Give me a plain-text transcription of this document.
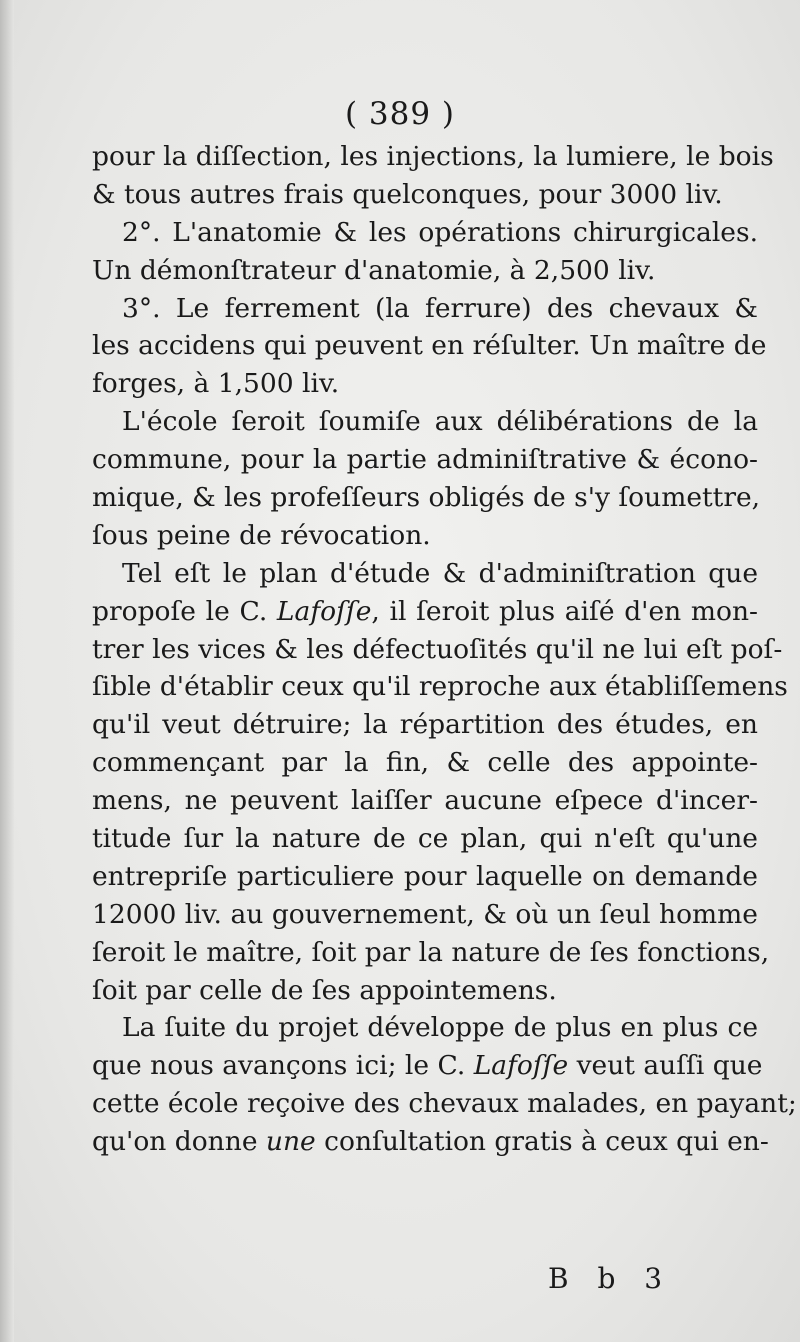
( 389 )
pour la diſſection, les injections, la lumiere, le bois
& tous autres frais quelconques, pour 3000 liv.
2°. L'anatomie & les opérations chirurgicales.
Un démonſtrateur d'anatomie, à 2,500 liv.
3°. Le ferrement (la ferrure) des chevaux &
les accidens qui peuvent en réſulter. Un maître de
forges, à 1,500 liv.
L'école ſeroit ſoumiſe aux délibérations de la
commune, pour la partie adminiſtrative & écono-
mique, & les profeſſeurs obligés de s'y ſoumettre,
ſous peine de révocation.
Tel eſt le plan d'étude & d'adminiſtration que
propoſe le C. Lafoſſe, il ſeroit plus aiſé d'en mon-
trer les vices & les défectuoſités qu'il ne lui eſt poſ-
ſible d'établir ceux qu'il reproche aux établiſſemens
qu'il veut détruire; la répartition des études, en
commençant par la fin, & celle des appointe-
mens, ne peuvent laiſſer aucune eſpece d'incer-
titude ſur la nature de ce plan, qui n'eſt qu'une
entrepriſe particuliere pour laquelle on demande
12000 liv. au gouvernement, & où un ſeul homme
ſeroit le maître, ſoit par la nature de ſes fonctions,
ſoit par celle de ſes appointemens.
La ſuite du projet développe de plus en plus ce
que nous avançons ici; le C. Lafoſſe veut auſſi que
cette école reçoive des chevaux malades, en payant;
qu'on donne une conſultation gratis à ceux qui en-
B b 3
